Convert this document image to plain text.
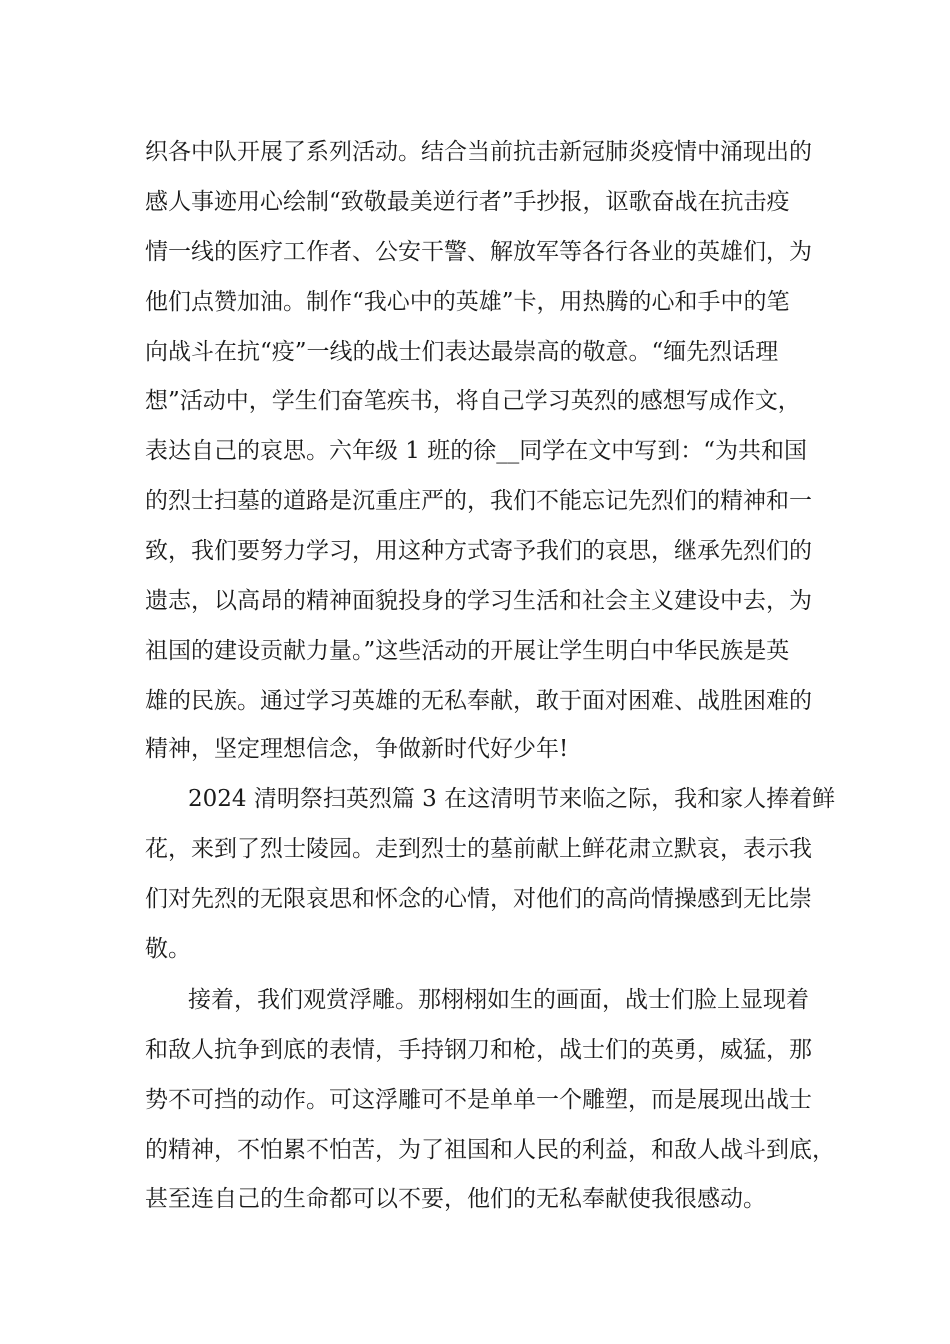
织各中队开展了系列活动。结合当前抗击新冠肺炎疫情中涌现出的
感人事迹用心绘制“致敬最美逆行者”手抄报，讴歌奋战在抗击疫
情一线的医疗工作者、公安干警、解放军等各行各业的英雄们，为
他们点赞加油。制作“我心中的英雄”卡，用热腾的心和手中的笔
向战斗在抗“疫”一线的战士们表达最崇高的敬意。“缅先烈话理
想”活动中，学生们奋笔疾书，将自己学习英烈的感想写成作文，
表达自己的哀思。六年级 1 班的徐__同学在文中写到：“为共和国
的烈士扫墓的道路是沉重庄严的，我们不能忘记先烈们的精神和一
致，我们要努力学习，用这种方式寄予我们的哀思，继承先烈们的
遗志，以高昂的精神面貌投身的学习生活和社会主义建设中去，为
祖国的建设贡献力量。”这些活动的开展让学生明白中华民族是英
雄的民族。通过学习英雄的无私奉献，敢于面对困难、战胜困难的
精神，坚定理想信念，争做新时代好少年!
2024 清明祭扫英烈篇 3 在这清明节来临之际，我和家人捧着鲜
花，来到了烈士陵园。走到烈士的墓前献上鲜花肃立默哀，表示我
们对先烈的无限哀思和怀念的心情，对他们的高尚情操感到无比崇
敬。
接着，我们观赏浮雕。那栩栩如生的画面，战士们脸上显现着
和敌人抗争到底的表情，手持钢刀和枪，战士们的英勇，威猛，那
势不可挡的动作。可这浮雕可不是单单一个雕塑，而是展现出战士
的精神，不怕累不怕苦，为了祖国和人民的利益，和敌人战斗到底，
甚至连自己的生命都可以不要，他们的无私奉献使我很感动。
